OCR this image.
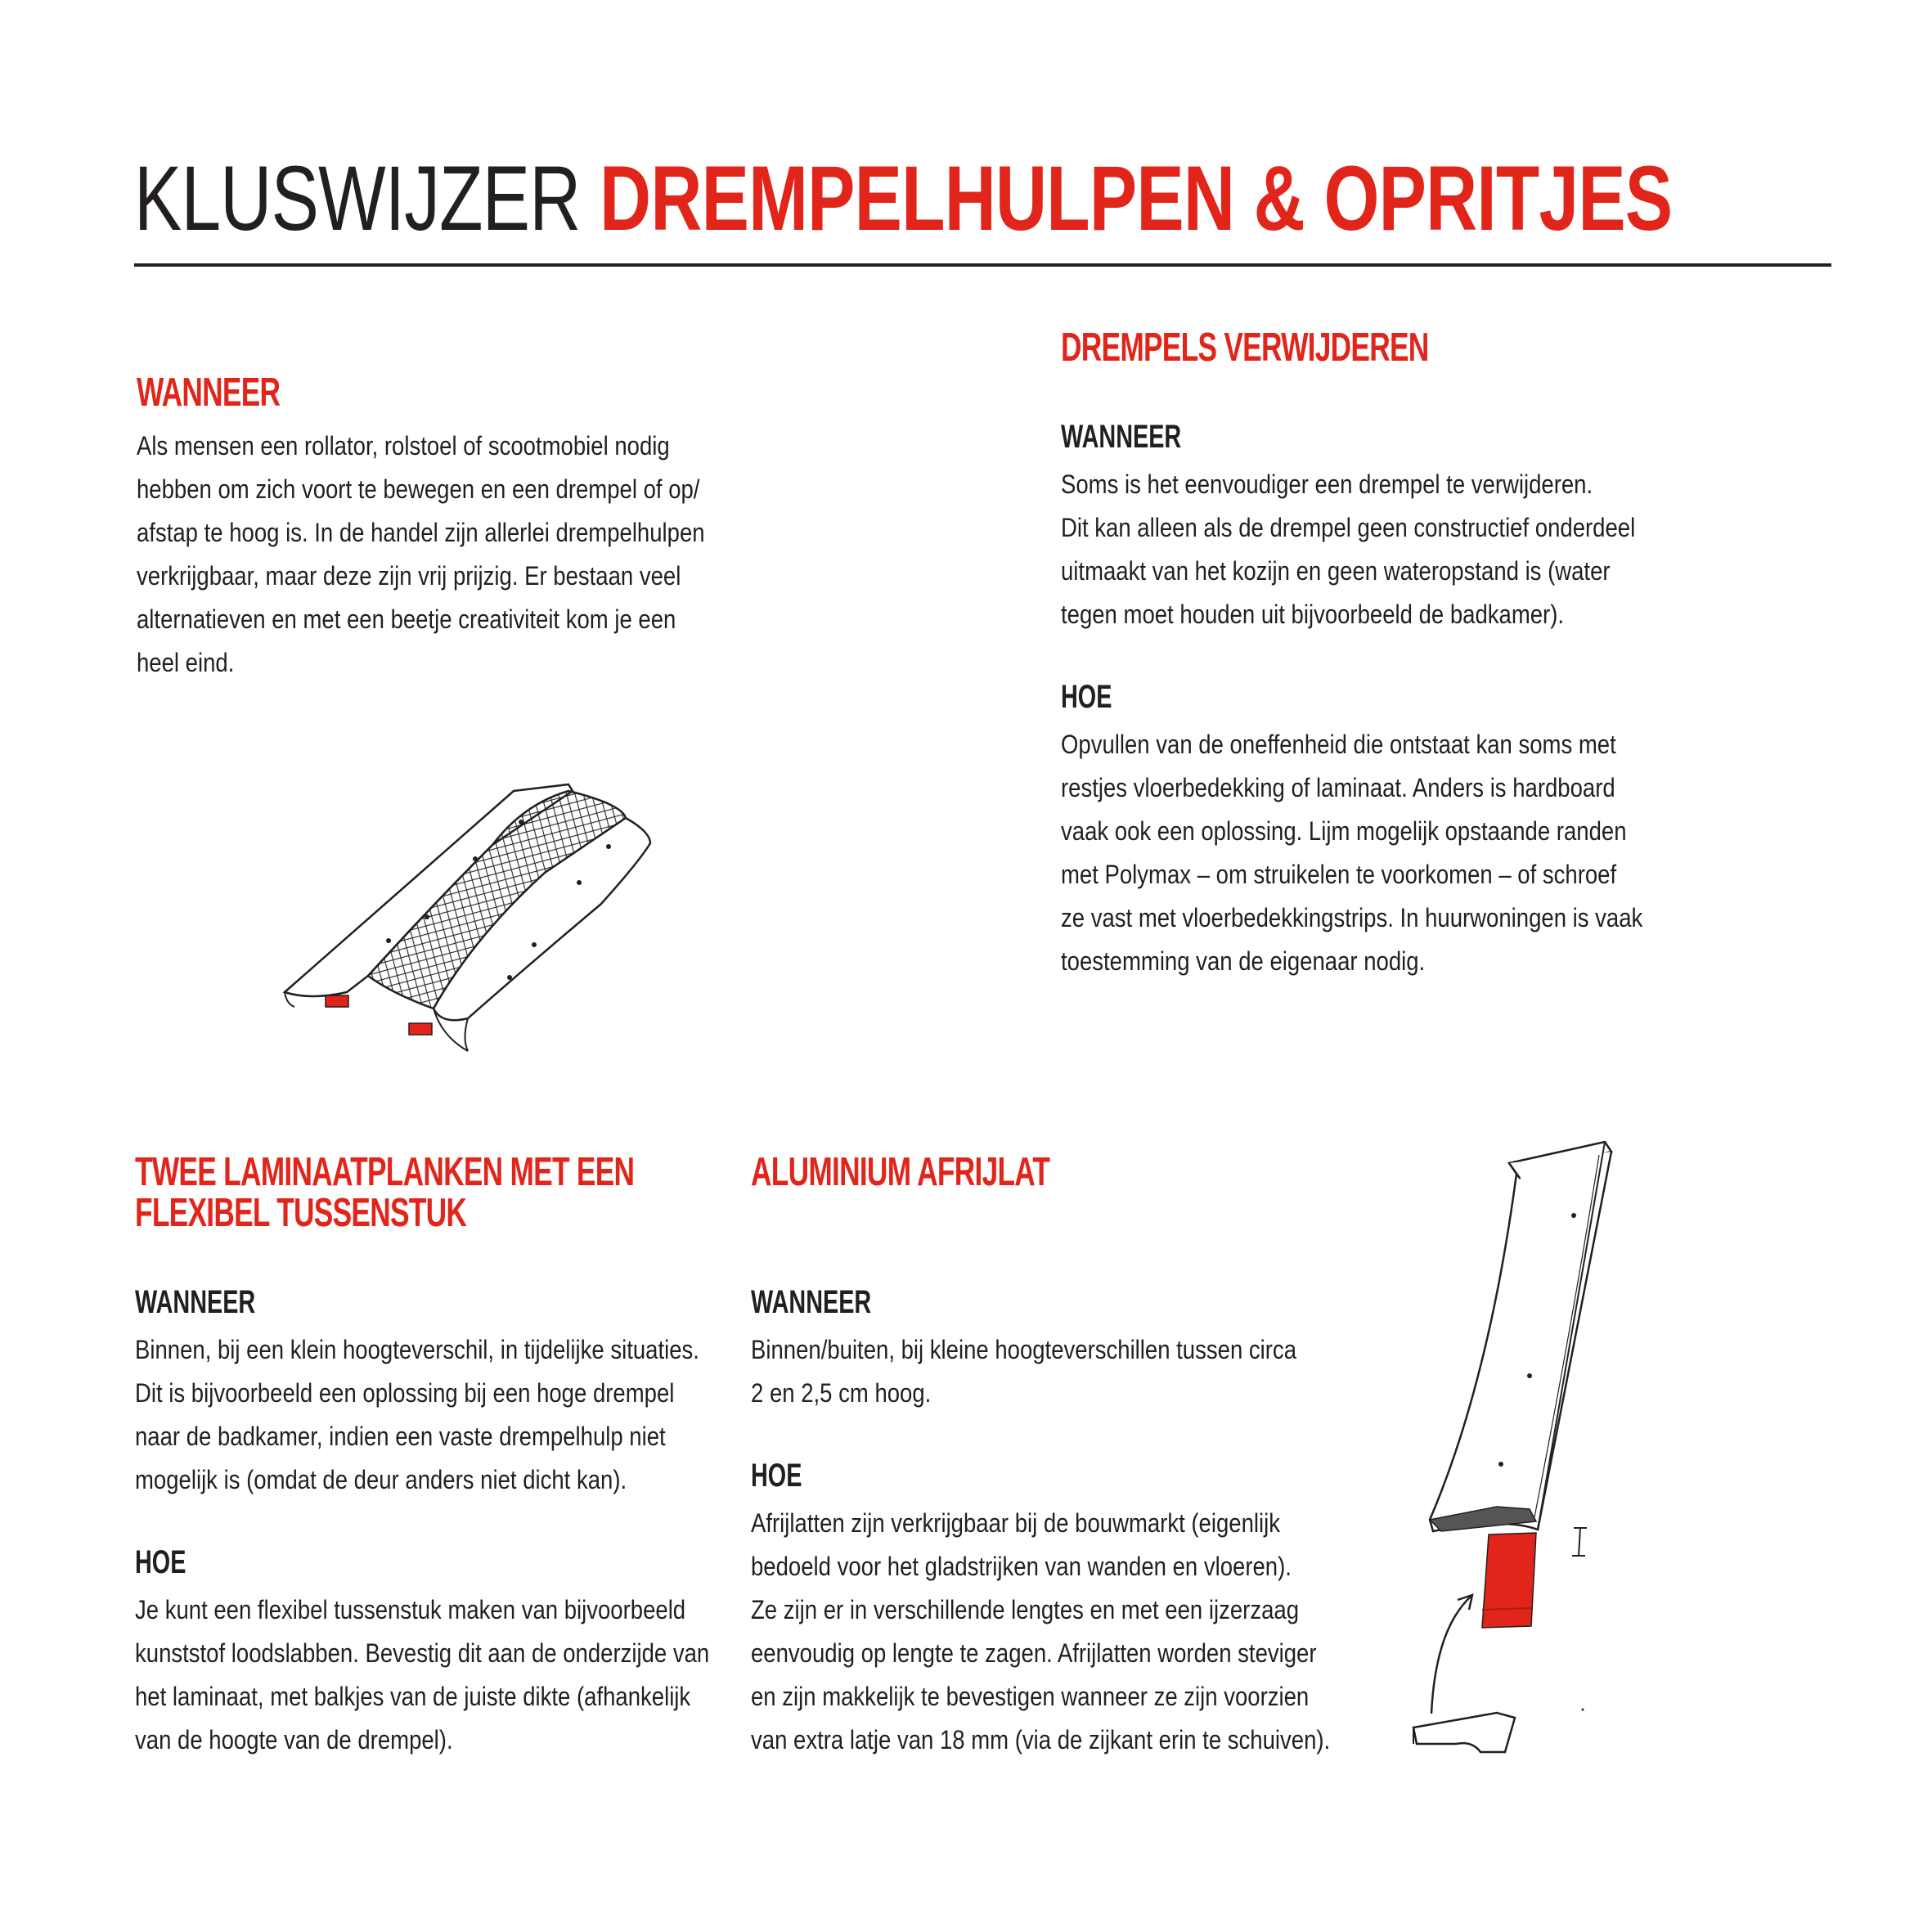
KLUSWIJZER DREMPELHULPEN & OPRITJES
WANNEER
Als mensen een rollator, rolstoel of scootmobiel nodig
hebben om zich voort te bewegen en een drempel of op/
afstap te hoog is. In de handel zijn allerlei drempelhulpen
verkrijgbaar, maar deze zijn vrij prijzig. Er bestaan veel
alternatieven en met een beetje creativiteit kom je een
heel eind.
DREMPELS VERWIJDEREN
WANNEER
Soms is het eenvoudiger een drempel te verwijderen.
Dit kan alleen als de drempel geen constructief onderdeel
uitmaakt van het kozijn en geen wateropstand is (water
tegen moet houden uit bijvoorbeeld de badkamer).
HOE
Opvullen van de oneffenheid die ontstaat kan soms met
restjes vloerbedekking of laminaat. Anders is hardboard
vaak ook een oplossing. Lijm mogelijk opstaande randen
met Polymax – om struikelen te voorkomen – of schroef
ze vast met vloerbedekkingstrips. In huurwoningen is vaak
toestemming van de eigenaar nodig.
TWEE LAMINAATPLANKEN MET EEN
FLEXIBEL TUSSENSTUK
WANNEER
Binnen, bij een klein hoogteverschil, in tijdelijke situaties.
Dit is bijvoorbeeld een oplossing bij een hoge drempel
naar de badkamer, indien een vaste drempelhulp niet
mogelijk is (omdat de deur anders niet dicht kan).
HOE
Je kunt een flexibel tussenstuk maken van bijvoorbeeld
kunststof loodslabben. Bevestig dit aan de onderzijde van
het laminaat, met balkjes van de juiste dikte (afhankelijk
van de hoogte van de drempel).
ALUMINIUM AFRIJLAT
WANNEER
Binnen/buiten, bij kleine hoogteverschillen tussen circa
2 en 2,5 cm hoog.
HOE
Afrijlatten zijn verkrijgbaar bij de bouwmarkt (eigenlijk
bedoeld voor het gladstrijken van wanden en vloeren).
Ze zijn er in verschillende lengtes en met een ijzerzaag
eenvoudig op lengte te zagen. Afrijlatten worden steviger
en zijn makkelijk te bevestigen wanneer ze zijn voorzien
van extra latje van 18 mm (via de zijkant erin te schuiven).
